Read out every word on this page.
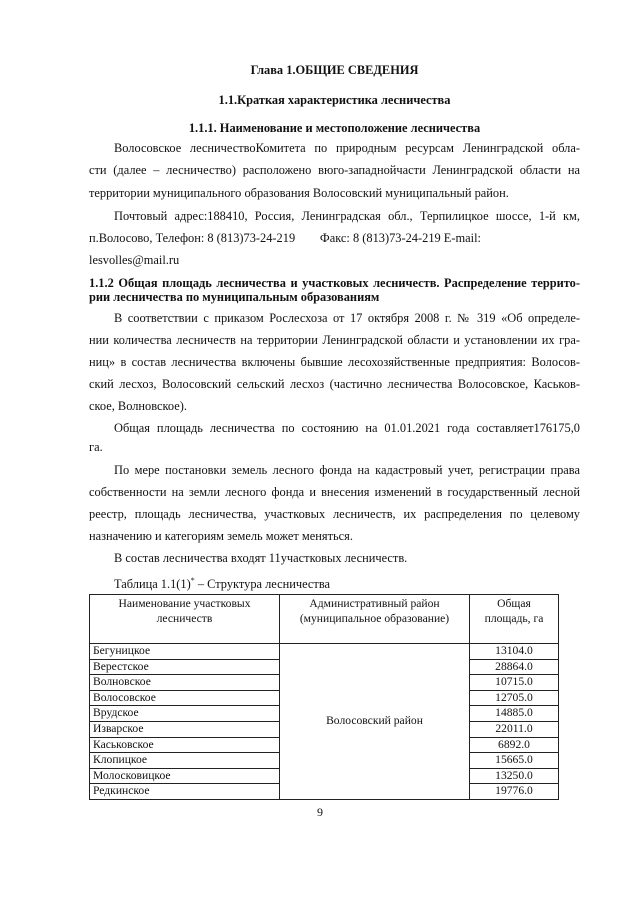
Глава 1.ОБЩИЕ СВЕДЕНИЯ
1.1.Краткая характеристика лесничества
1.1.1. Наименование и местоположение лесничества
Волосовское лесничествоКомитета по природным ресурсам Ленинградской обла-
сти (далее – лесничество) расположено вюго-западнойчасти Ленинградской области на
территории муниципального образования Волосовский муниципальный район.
Почтовый адрес:188410, Россия, Ленинградская обл., Терпилицкое шоссе, 1-й км,
п.Волосово, Телефон: 8 (813)73-24-219        Факс: 8 (813)73-24-219 E-mail:
lesvolles@mail.ru
1.1.2 Общая площадь лесничества и участковых лесничеств. Распределение террито-
рии лесничества по муниципальным образованиям
В соответствии с приказом Рослесхоза от 17 октября 2008 г. № 319 «Об определе-
нии количества лесничеств на территории Ленинградской области и установлении их гра-
ниц» в состав лесничества включены бывшие лесохозяйственные предприятия: Волосов-
ский лесхоз, Волосовский сельский лесхоз (частично лесничества Волосовское, Каськов-
ское, Волновское).
Общая площадь лесничества по состоянию на 01.01.2021 года составляет176175,0
га.
По мере постановки земель лесного фонда на кадастровый учет, регистрации права
собственности на земли лесного фонда и внесения изменений в государственный лесной
реестр, площадь лесничества, участковых лесничеств, их распределения по целевому
назначению и категориям земель может меняться.
В состав лесничества входят 11участковых лесничеств.
Таблица 1.1(1)* – Структура лесничества
Наименование участковых лесничеств	Административный район (муниципальное образование)	Общая площадь, га
Бегуницкое	Волосовский район	13104.0
Верестское		28864.0
Волновское		10715.0
Волосовское		12705.0
Врудское		14885.0
Изварское		22011.0
Каськовское		6892.0
Клопицкое		15665.0
Молосковицкое		13250.0
Редкинское		19776.0
9
